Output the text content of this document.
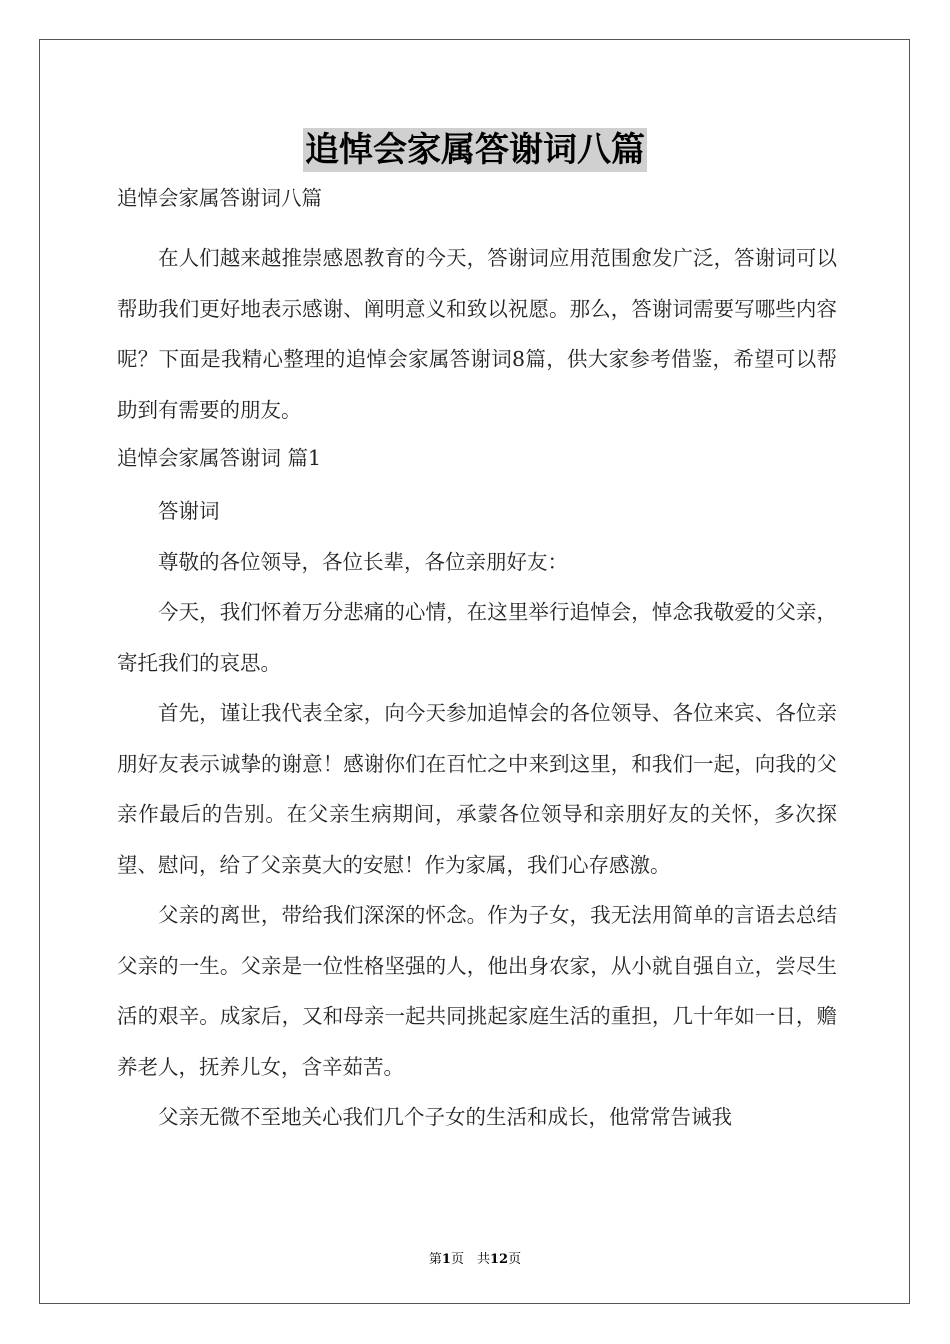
追悼会家属答谢词八篇

追悼会家属答谢词八篇

在人们越来越推崇感恩教育的今天，答谢词应用范围愈发广泛，答谢词可以帮助我们更好地表示感谢、阐明意义和致以祝愿。那么，答谢词需要写哪些内容呢？下面是我精心整理的追悼会家属答谢词8篇，供大家参考借鉴，希望可以帮助到有需要的朋友。

追悼会家属答谢词 篇1

答谢词

尊敬的各位领导，各位长辈，各位亲朋好友：

今天，我们怀着万分悲痛的心情，在这里举行追悼会，悼念我敬爱的父亲，寄托我们的哀思。

首先，谨让我代表全家，向今天参加追悼会的各位领导、各位来宾、各位亲朋好友表示诚挚的谢意！感谢你们在百忙之中来到这里，和我们一起，向我的父亲作最后的告别。在父亲生病期间，承蒙各位领导和亲朋好友的关怀，多次探望、慰问，给了父亲莫大的安慰！作为家属，我们心存感激。

父亲的离世，带给我们深深的怀念。作为子女，我无法用简单的言语去总结父亲的一生。父亲是一位性格坚强的人，他出身农家，从小就自强自立，尝尽生活的艰辛。成家后，又和母亲一起共同挑起家庭生活的重担，几十年如一日，赡养老人，抚养儿女，含辛茹苦。

父亲无微不至地关心我们几个子女的生活和成长，他常常告诫我

第1页　共12页
